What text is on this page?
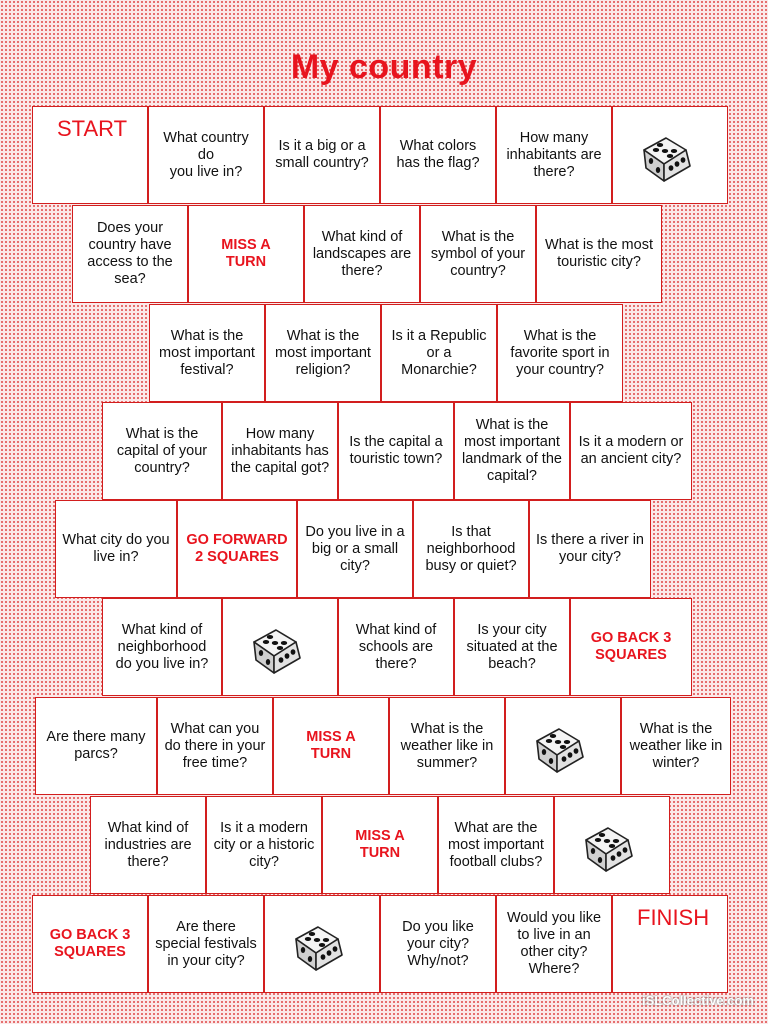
My country
START	What country do
you live in?
Is it a big or a small country?
What colors has the flag?
How many inhabitants are there?
Does your country have access to the sea?
MISS A
TURN
What kind of landscapes are there?
What is the symbol of your country?
What is the most touristic city?
What is the most important festival?
What is the most important religion?
Is it a Republic or a Monarchie?
What is the favorite sport in your country?
What is the capital of your country?
How many inhabitants has the capital got?
Is the capital a touristic town?
What is the most important landmark of the capital?
Is it a modern or an ancient city?
What city do you live in?
GO FORWARD 2 SQUARES
Do you live in a big or a small city?
Is that neighborhood busy or quiet?
Is there a river in your city?
What kind of neighborhood do you live in?
What kind of schools are there?
Is your city situated at the beach?
GO BACK 3 SQUARES
Are there many parcs?
What can you do there in your free time?
MISS A
TURN
What is the weather like in summer?
What is the weather like in winter?
What kind of industries are there?
Is it a modern city or a historic city?
MISS A
TURN
What are the most important football clubs?
GO BACK 3 SQUARES
Are there special festivals in your city?
Do you like your city? Why/not?
Would you like to live in an other city?Where?
FINISH
iSLCollective.com
